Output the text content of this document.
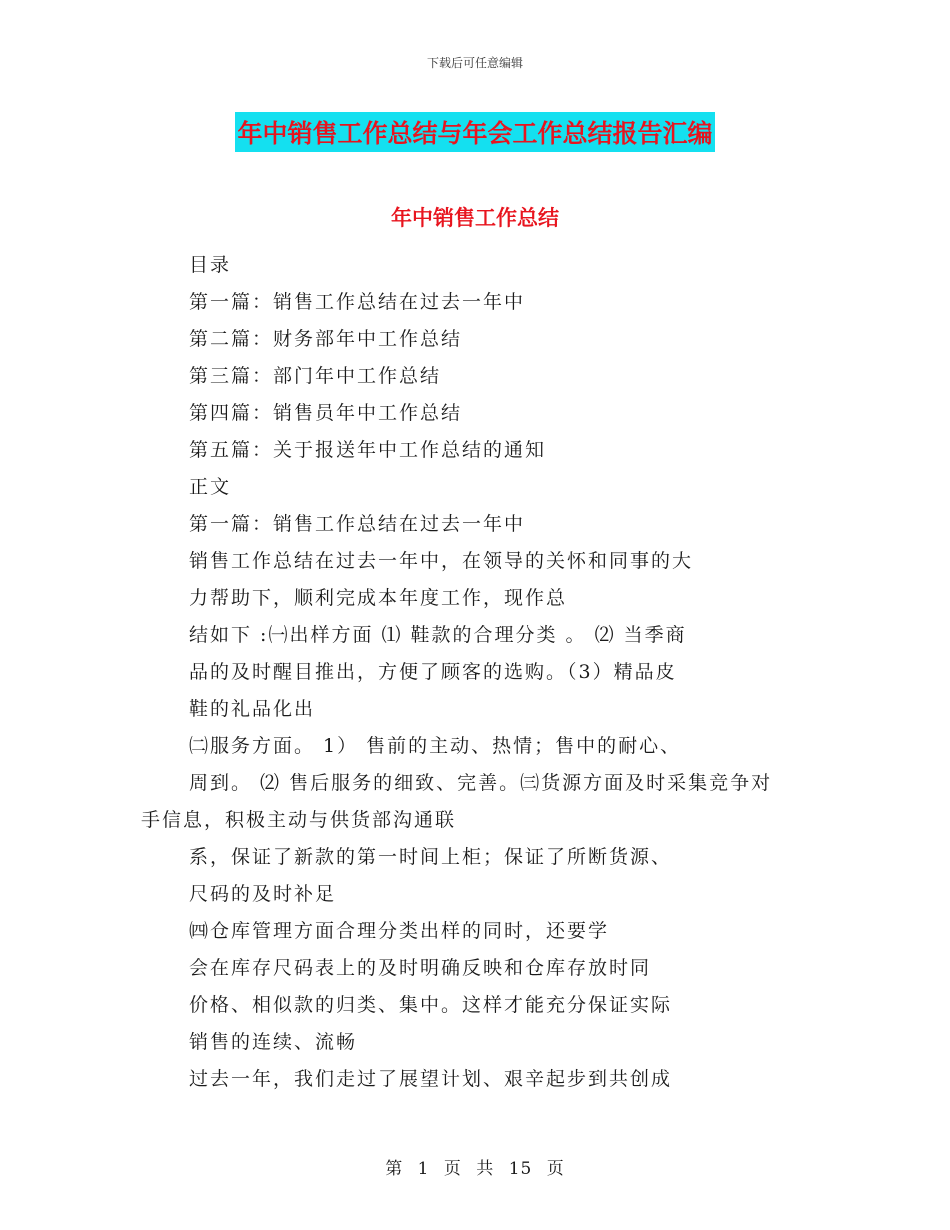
下载后可任意编辑
年中销售工作总结与年会工作总结报告汇编
年中销售工作总结
目录
第一篇：销售工作总结在过去一年中
第二篇：财务部年中工作总结
第三篇：部门年中工作总结
第四篇：销售员年中工作总结
第五篇：关于报送年中工作总结的通知
正文
第一篇：销售工作总结在过去一年中
销售工作总结在过去一年中，在领导的关怀和同事的大
力帮助下，顺利完成本年度工作，现作总
结如下 :㈠出样方面 ⑴ 鞋款的合理分类 。 ⑵ 当季商
品的及时醒目推出，方便了顾客的选购。（3）精品皮
鞋的礼品化出
㈡服务方面。 1） 售前的主动、热情；售中的耐心、
周到。 ⑵ 售后服务的细致、完善。㈢货源方面及时采集竞争对
手信息，积极主动与供货部沟通联
系，保证了新款的第一时间上柜；保证了所断货源、
尺码的及时补足
㈣仓库管理方面合理分类出样的同时，还要学
会在库存尺码表上的及时明确反映和仓库存放时同
价格、相似款的归类、集中。这样才能充分保证实际
销售的连续、流畅
过去一年，我们走过了展望计划、艰辛起步到共创成
第 1 页 共 15 页
